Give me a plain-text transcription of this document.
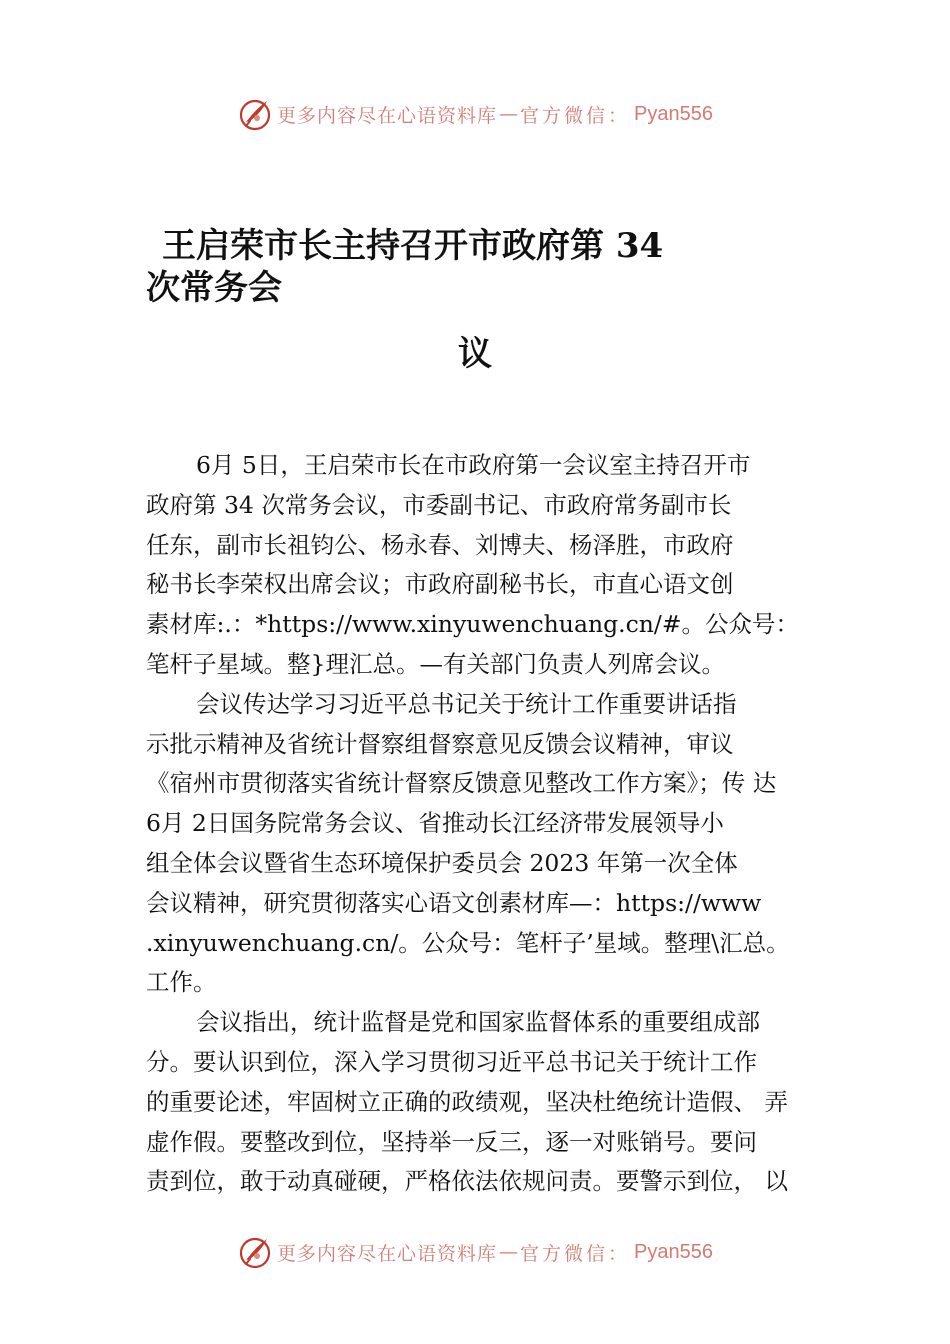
更多内容尽在心语资料库 — 官方微信： Pyan556
王启荣市长主持召开市政府第 34
次常务会
议
6月 5日，王启荣市长在市政府第一会议室主持召开市
政府第 34 次常务会议，市委副书记、市政府常务副市长
任东，副市长祖钧公、杨永春、刘博夫、杨泽胜，市政府
秘书长李荣权出席会议；市政府副秘书长，市直心语文创
素材库:.：*https://www.xinyuwenchuang.cn/#。公众号：
笔杆子星域。整}理汇总。—有关部门负责人列席会议。
会议传达学习习近平总书记关于统计工作重要讲话指
示批示精神及省统计督察组督察意见反馈会议精神，审议
《宿州市贯彻落实省统计督察反馈意见整改工作方案》；传 达
6月 2日国务院常务会议、省推动长江经济带发展领导小
组全体会议暨省生态环境保护委员会 2023 年第一次全体
会议精神，研究贯彻落实心语文创素材库—：https://www
.xinyuwenchuang.cn/。公众号：笔杆子’星域。整理\汇总。
工作。
会议指出，统计监督是党和国家监督体系的重要组成部
分。要认识到位，深入学习贯彻习近平总书记关于统计工作
的重要论述，牢固树立正确的政绩观，坚决杜绝统计造假、 弄
虚作假。要整改到位，坚持举一反三，逐一对账销号。要问
责到位，敢于动真碰硬，严格依法依规问责。要警示到位， 以
更多内容尽在心语资料库 — 官方微信： Pyan556
